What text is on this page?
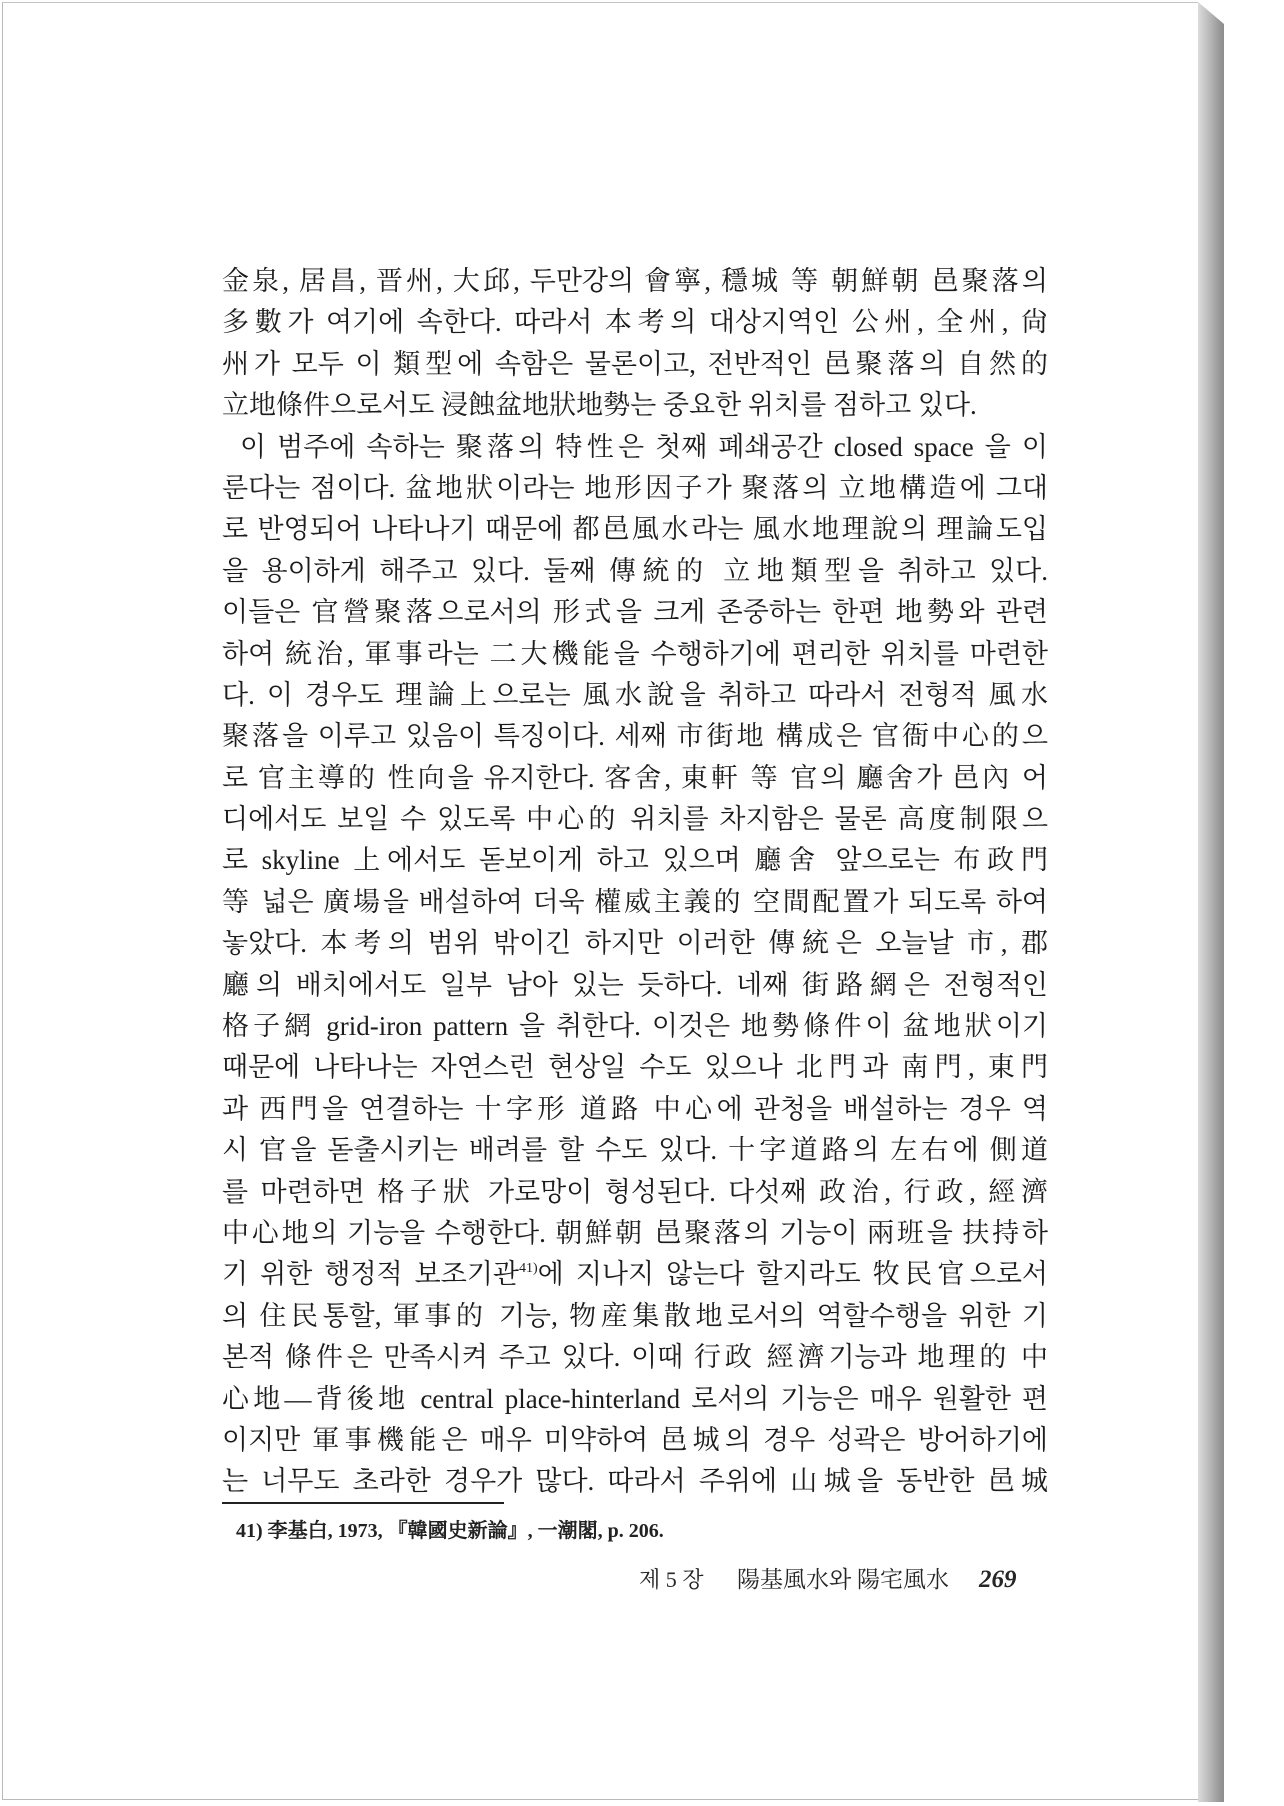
金泉, 居昌, 晋州, 大邱, 두만강의 會寧, 穩城 等 朝鮮朝 邑聚落의
多數가 여기에 속한다. 따라서 本考의 대상지역인 公州, 全州, 尙
州가 모두 이 類型에 속함은 물론이고, 전반적인 邑聚落의 自然的
立地條件으로서도 浸蝕盆地狀地勢는 중요한 위치를 점하고 있다.
이 범주에 속하는 聚落의 特性은 첫째 폐쇄공간 closed space 을 이
룬다는 점이다. 盆地狀이라는 地形因子가 聚落의 立地構造에 그대
로 반영되어 나타나기 때문에 都邑風水라는 風水地理說의 理論도입
을 용이하게 해주고 있다. 둘째 傳統的 立地類型을 취하고 있다.
이들은 官營聚落으로서의 形式을 크게 존중하는 한편 地勢와 관련
하여 統治, 軍事라는 二大機能을 수행하기에 편리한 위치를 마련한
다. 이 경우도 理論上으로는 風水說을 취하고 따라서 전형적 風水
聚落을 이루고 있음이 특징이다. 세째 市街地 構成은 官衙中心的으
로 官主導的 性向을 유지한다. 客舍, 東軒 等 官의 廳舍가 邑內 어
디에서도 보일 수 있도록 中心的 위치를 차지함은 물론 高度制限으
로 skyline 上에서도 돋보이게 하고 있으며 廳舍 앞으로는 布政門
等 넓은 廣場을 배설하여 더욱 權威主義的 空間配置가 되도록 하여
놓았다. 本考의 범위 밖이긴 하지만 이러한 傳統은 오늘날 市, 郡
廳의 배치에서도 일부 남아 있는 듯하다. 네째 街路網은 전형적인
格子網 grid-iron pattern 을 취한다. 이것은 地勢條件이 盆地狀이기
때문에 나타나는 자연스런 현상일 수도 있으나 北門과 南門, 東門
과 西門을 연결하는 十字形 道路 中心에 관청을 배설하는 경우 역
시 官을 돋출시키는 배려를 할 수도 있다. 十字道路의 左右에 側道
를 마련하면 格子狀 가로망이 형성된다. 다섯째 政治, 行政, 經濟
中心地의 기능을 수행한다. 朝鮮朝 邑聚落의 기능이 兩班을 扶持하
기 위한 행정적 보조기관$^{41)}$에 지나지 않는다 할지라도 牧民官으로서
의 住民통할, 軍事的 기능, 物産集散地로서의 역할수행을 위한 기
본적 條件은 만족시켜 주고 있다. 이때 行政 經濟기능과 地理的 中
心地—背後地 central place-hinterland 로서의 기능은 매우 원활한 편
이지만 軍事機能은 매우 미약하여 邑城의 경우 성곽은 방어하기에
는 너무도 초라한 경우가 많다. 따라서 주위에 山城을 동반한 邑城
41) 李基白, 1973, 『韓國史新論』, 一潮閣, p. 206.
제 5 장 陽基風水와 陽宅風水 269
